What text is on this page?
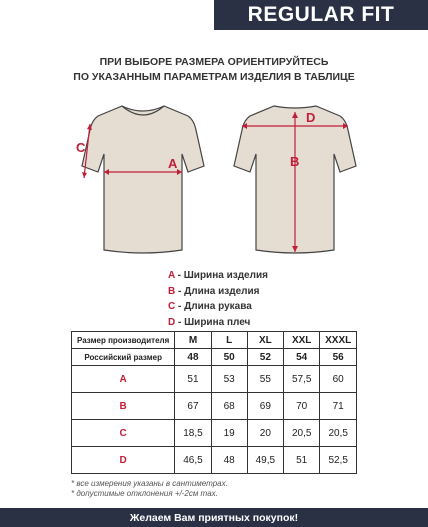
REGULAR FIT
ПРИ ВЫБОРЕ РАЗМЕРА ОРИЕНТИРУЙТЕСЬ
ПО УКАЗАННЫМ ПАРАМЕТРАМ ИЗДЕЛИЯ В ТАБЛИЦЕ
A
C
D
B
A - Ширина изделия
B - Длина изделия
C - Длина рукава
D - Ширина плеч
Размер производителя	M	L	XL	XXL	XXXL
Российский размер	48	50	52	54	56
A	51	53	55	57,5	60
B	67	68	69	70	71
C	18,5	19	20	20,5	20,5
D	46,5	48	49,5	51	52,5
* все измерения указаны в сантиметрах.
* допустимые отклонения +/-2см max.
Желаем Вам приятных покупок!
